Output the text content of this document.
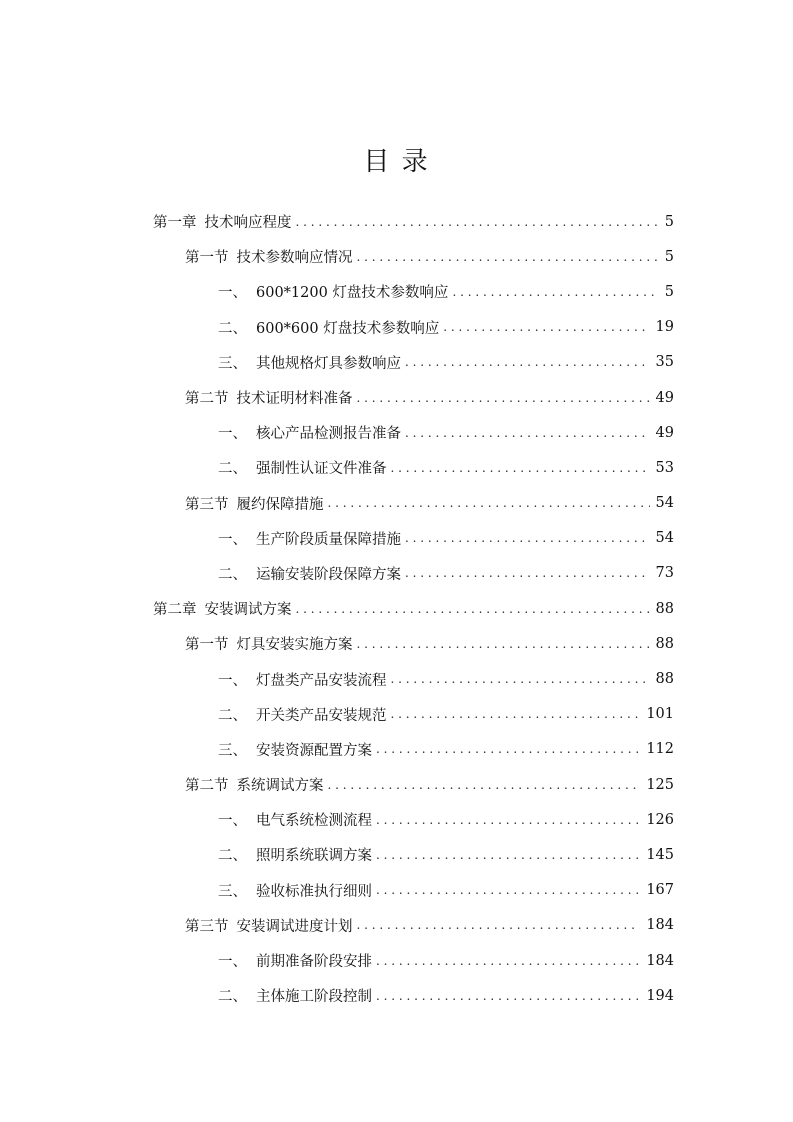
目 录
第一章 技术响应程度 . . .	5
第一节 技术参数响应情况 . . .	5
一、 600*1200 灯盘技术参数响应 . . .	5
二、 600*600 灯盘技术参数响应 . . .	19
三、 其他规格灯具参数响应 . . .	35
第二节 技术证明材料准备 . . .	49
一、 核心产品检测报告准备 . . .	49
二、 强制性认证文件准备 . . .	53
第三节 履约保障措施 . . .	54
一、 生产阶段质量保障措施 . . .	54
二、 运输安装阶段保障方案 . . .	73
第二章 安装调试方案 . . .	88
第一节 灯具安装实施方案 . . .	88
一、 灯盘类产品安装流程 . . .	88
二、 开关类产品安装规范 . . .	101
三、 安装资源配置方案 . . .	112
第二节 系统调试方案 . . .	125
一、 电气系统检测流程 . . .	126
二、 照明系统联调方案 . . .	145
三、 验收标准执行细则 . . .	167
第三节 安装调试进度计划 . . .	184
一、 前期准备阶段安排 . . .	184
二、 主体施工阶段控制 . . .	194
